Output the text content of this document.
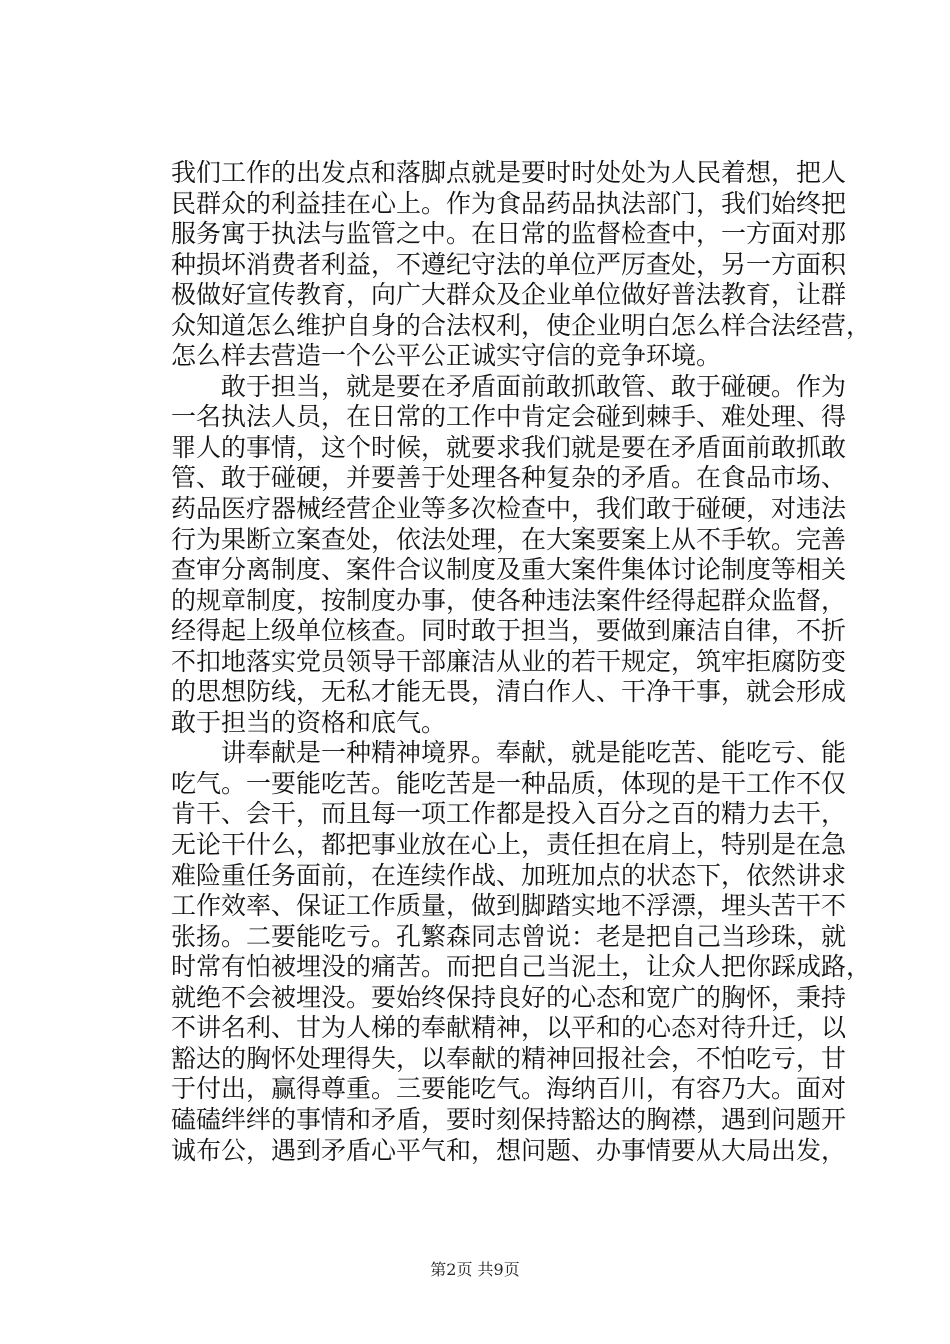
我们工作的出发点和落脚点就是要时时处处为人民着想，把人
民群众的利益挂在心上。作为食品药品执法部门，我们始终把
服务寓于执法与监管之中。在日常的监督检查中，一方面对那
种损坏消费者利益，不遵纪守法的单位严厉查处，另一方面积
极做好宣传教育，向广大群众及企业单位做好普法教育，让群
众知道怎么维护自身的合法权利，使企业明白怎么样合法经营，
怎么样去营造一个公平公正诚实守信的竞争环境。
敢于担当，就是要在矛盾面前敢抓敢管、敢于碰硬。作为
一名执法人员，在日常的工作中肯定会碰到棘手、难处理、得
罪人的事情，这个时候，就要求我们就是要在矛盾面前敢抓敢
管、敢于碰硬，并要善于处理各种复杂的矛盾。在食品市场、
药品医疗器械经营企业等多次检查中，我们敢于碰硬，对违法
行为果断立案查处，依法处理，在大案要案上从不手软。完善
查审分离制度、案件合议制度及重大案件集体讨论制度等相关
的规章制度，按制度办事，使各种违法案件经得起群众监督，
经得起上级单位核查。同时敢于担当，要做到廉洁自律，不折
不扣地落实党员领导干部廉洁从业的若干规定，筑牢拒腐防变
的思想防线，无私才能无畏，清白作人、干净干事，就会形成
敢于担当的资格和底气。
讲奉献是一种精神境界。奉献，就是能吃苦、能吃亏、能
吃气。一要能吃苦。能吃苦是一种品质，体现的是干工作不仅
肯干、会干，而且每一项工作都是投入百分之百的精力去干，
无论干什么，都把事业放在心上，责任担在肩上，特别是在急
难险重任务面前，在连续作战、加班加点的状态下，依然讲求
工作效率、保证工作质量，做到脚踏实地不浮漂，埋头苦干不
张扬。二要能吃亏。孔繁森同志曾说：老是把自己当珍珠，就
时常有怕被埋没的痛苦。而把自己当泥土，让众人把你踩成路，
就绝不会被埋没。要始终保持良好的心态和宽广的胸怀，秉持
不讲名利、甘为人梯的奉献精神，以平和的心态对待升迁，以
豁达的胸怀处理得失，以奉献的精神回报社会，不怕吃亏，甘
于付出，赢得尊重。三要能吃气。海纳百川，有容乃大。面对
磕磕绊绊的事情和矛盾，要时刻保持豁达的胸襟，遇到问题开
诚布公，遇到矛盾心平气和，想问题、办事情要从大局出发，
第2页 共9页
